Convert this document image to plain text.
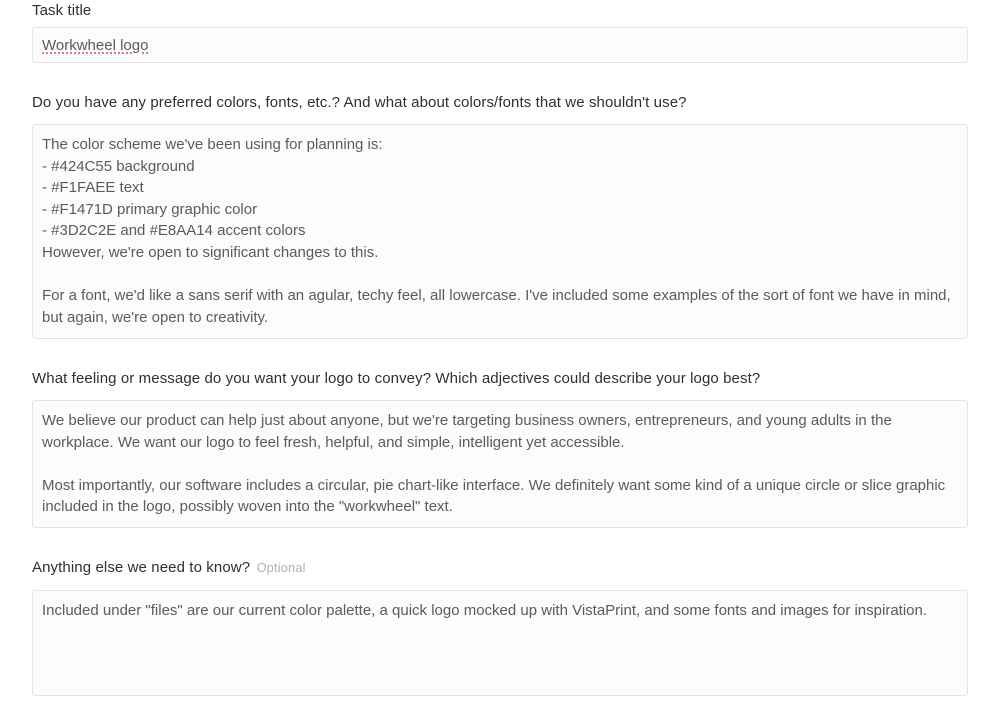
Task title
Workwheel logo
Do you have any preferred colors, fonts, etc.? And what about colors/fonts that we shouldn't use?
The color scheme we've been using for planning is:
- #424C55 background
- #F1FAEE text
- #F1471D primary graphic color
- #3D2C2E and #E8AA14 accent colors
However, we're open to significant changes to this.

For a font, we'd like a sans serif with an agular, techy feel, all lowercase. I've included some examples of the sort of font we have in mind, but again, we're open to creativity.
What feeling or message do you want your logo to convey? Which adjectives could describe your logo best?
We believe our product can help just about anyone, but we're targeting business owners, entrepreneurs, and young adults in the workplace. We want our logo to feel fresh, helpful, and simple, intelligent yet accessible.

Most importantly, our software includes a circular, pie chart-like interface. We definitely want some kind of a unique circle or slice graphic included in the logo, possibly woven into the "workwheel" text.
Anything else we need to know? Optional
Included under "files" are our current color palette, a quick logo mocked up with VistaPrint, and some fonts and images for inspiration.
